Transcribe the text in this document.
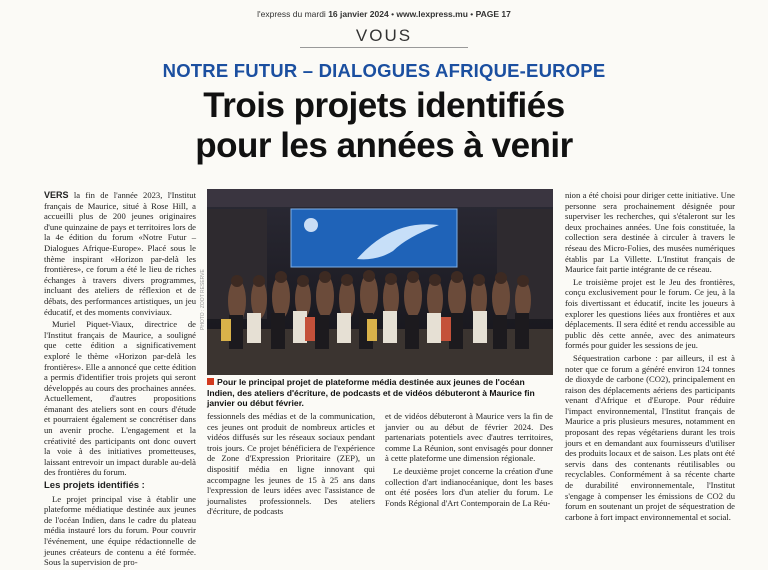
l'express du mardi 16 janvier 2024 • www.lexpress.mu • PAGE 17
VOUS
NOTRE FUTUR – DIALOGUES AFRIQUE-EUROPE
Trois projets identifiés
pour les années à venir

VERS la fin de l'année 2023, l'Institut français de Maurice, situé à Rose Hill, a accueilli plus de 200 jeunes originaires d'une quinzaine de pays et territoires lors de la 4e édition du forum «Notre Futur – Dialogues Afrique-Europe». Placé sous le thème inspirant «Horizon par-delà les frontières», ce forum a été le lieu de riches échanges à travers divers programmes, incluant des ateliers de réflexion et de débats, des performances artistiques, un jeu éducatif, et des moments conviviaux.

Muriel Piquet-Viaux, directrice de l'Institut français de Maurice, a souligné que cette édition a significativement exploré le thème «Horizon par-delà les frontières». Elle a annoncé que cette édition a permis d'identifier trois projets qui seront développés au cours des prochaines années. Actuellement, d'autres propositions émanant des ateliers sont en cours d'étude et pourraient également se concrétiser dans un avenir proche. L'engagement et la créativité des participants ont donc ouvert la voie à des initiatives prometteuses, laissant entrevoir un impact durable au-delà des frontières du forum.

Les projets identifiés :

Le projet principal vise à établir une plateforme médiatique destinée aux jeunes de l'océan Indien, dans le cadre du plateau média instauré lors du forum. Pour couvrir l'événement, une équipe rédactionnelle de jeunes créateurs de contenu a été formée. Sous la supervision de pro-

PHOTO : ZOOT RESERVE
Pour le principal projet de plateforme média destinée aux jeunes de l'océan Indien, des ateliers d'écriture, de podcasts et de vidéos débuteront à Maurice fin janvier ou début février.

fessionnels des médias et de la communication, ces jeunes ont produit de nombreux articles et vidéos diffusés sur les réseaux sociaux pendant trois jours. Ce projet bénéficiera de l'expérience de Zone d'Expression Prioritaire (ZEP), un dispositif média en ligne innovant qui accompagne les jeunes de 15 à 25 ans dans l'expression de leurs idées avec l'assistance de journalistes professionnels. Des ateliers d'écriture, de podcasts

et de vidéos débuteront à Maurice vers la fin de janvier ou au début de février 2024. Des partenariats potentiels avec d'autres territoires, comme La Réunion, sont envisagés pour donner à cette plateforme une dimension régionale.

Le deuxième projet concerne la création d'une collection d'art indianocéanique, dont les bases ont été posées lors d'un atelier du forum. Le Fonds Régional d'Art Contemporain de La Réu-

nion a été choisi pour diriger cette initiative. Une personne sera prochainement désignée pour superviser les recherches, qui s'étaleront sur les deux prochaines années. Une fois constituée, la collection sera destinée à circuler à travers le réseau des Micro-Folies, des musées numériques établis par La Villette. L'Institut français de Maurice fait partie intégrante de ce réseau.

Le troisième projet est le Jeu des frontières, conçu exclusivement pour le forum. Ce jeu, à la fois divertissant et éducatif, incite les joueurs à explorer les questions liées aux frontières et aux déplacements. Il sera édité et rendu accessible au public dès cette année, avec des animateurs formés pour guider les sessions de jeu.

Séquestration carbone : par ailleurs, il est à noter que ce forum a généré environ 124 tonnes de dioxyde de carbone (CO2), principalement en raison des déplacements aériens des participants venant d'Afrique et d'Europe. Pour réduire l'impact environnemental, l'Institut français de Maurice a pris plusieurs mesures, notamment en proposant des repas végétariens durant les trois jours et en demandant aux fournisseurs d'utiliser des produits locaux et de saison. Les plats ont été servis dans des contenants réutilisables ou recyclables. Conformément à sa récente charte de durabilité environnementale, l'Institut s'engage à compenser les émissions de CO2 du forum en soutenant un projet de séquestration de carbone à fort impact environnemental et social.
